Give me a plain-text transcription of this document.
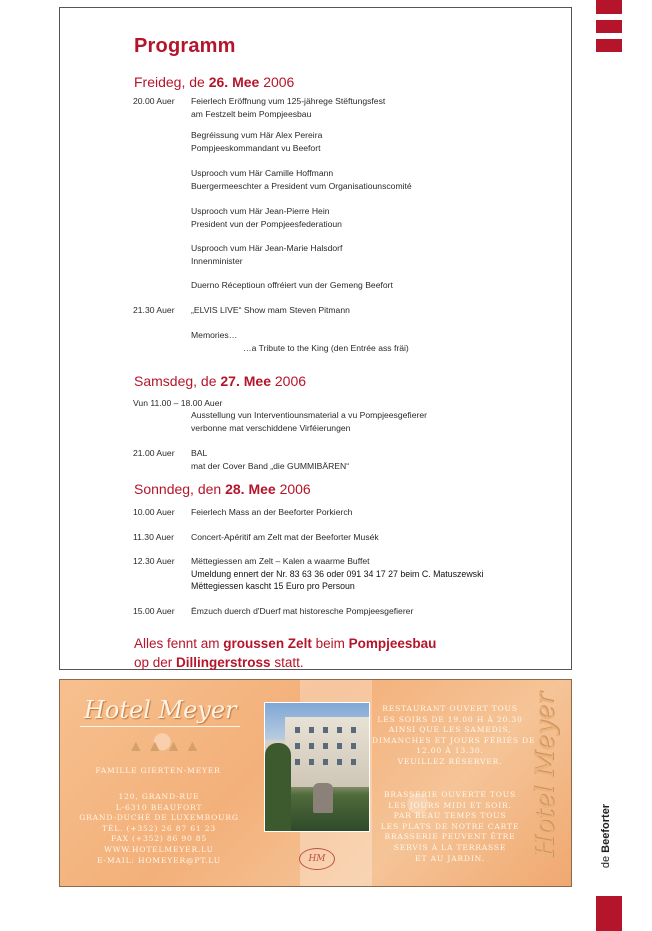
de Beeforter
Programm
Freideg, de 26. Mee 2006
20.00 Auer Feierlech Eröffnung vum 125-jährege Stëftungsfest
am Festzelt beim Pompjeesbau
Begréissung vum Här Alex Pereira
Pompjeeskommandant vu Beefort
Usprooch vum Här Camille Hoffmann
Buergermeeschter a President vum Organisatiounscomité
Usprooch vum Här Jean-Pierre Hein
President vun der Pompjeesfederatioun
Usprooch vum Här Jean-Marie Halsdorf
Innenminister
Duerno Réceptioun offréiert vun der Gemeng Beefort
21.30 Auer „ELVIS LIVE“ Show mam Steven Pitmann
Memories…
…a Tribute to the King (den Entrée ass fräi)
Samsdeg, de 27. Mee 2006
Vun 11.00 – 18.00 Auer
Ausstellung vun Interventiounsmaterial a vu Pompjeesgefierer
verbonne mat verschiddene Virféierungen
21.00 Auer BAL
mat der Cover Band „die GUMMIBÄREN“
Sonndeg, den 28. Mee 2006
10.00 Auer Feierlech Mass an der Beeforter Porkierch
11.30 Auer Concert-Apéritif am Zelt mat der Beeforter Musék
12.30 Auer Mëttegiessen am Zelt – Kalen a waarme Buffet
Umeldung ennert der Nr. 83 63 36 oder 091 34 17 27 beim C. Matuszewski
Mëttegiessen kascht 15 Euro pro Persoun
15.00 Auer Ëmzuch duerch d'Duerf mat historesche Pompjeesgefierer
Alles fennt am groussen Zelt beim Pompjeesbau
op der Dillingerstross statt.
Hotel Meyer
▲▲▲▲
FAMILLE GIERTEN-MEYER
120, GRAND-RUE
L-6310 BEAUFORT
GRAND-DUCHÉ DE LUXEMBOURG
TÉL. (+352) 26 87 61 23
FAX (+352) 86 90 85
WWW.HOTELMEYER.LU
E-MAIL: HOMEYER@PT.LU	HM
RESTAURANT OUVERT TOUS
LES SOIRS DE 19.00 H À 20.30
AINSI QUE LES SAMEDIS,
DIMANCHES ET JOURS FÉRIÉS DE
12.00 À 13.30.
VEUILLEZ RÉSERVER.
BRASSERIE OUVERTE TOUS
LES JOURS MIDI ET SOIR.
PAR BEAU TEMPS TOUS
LES PLATS DE NOTRE CARTE
BRASSERIE PEUVENT ÊTRE
SERVIS À LA TERRASSE
ET AU JARDIN.
Hotel Meyer
